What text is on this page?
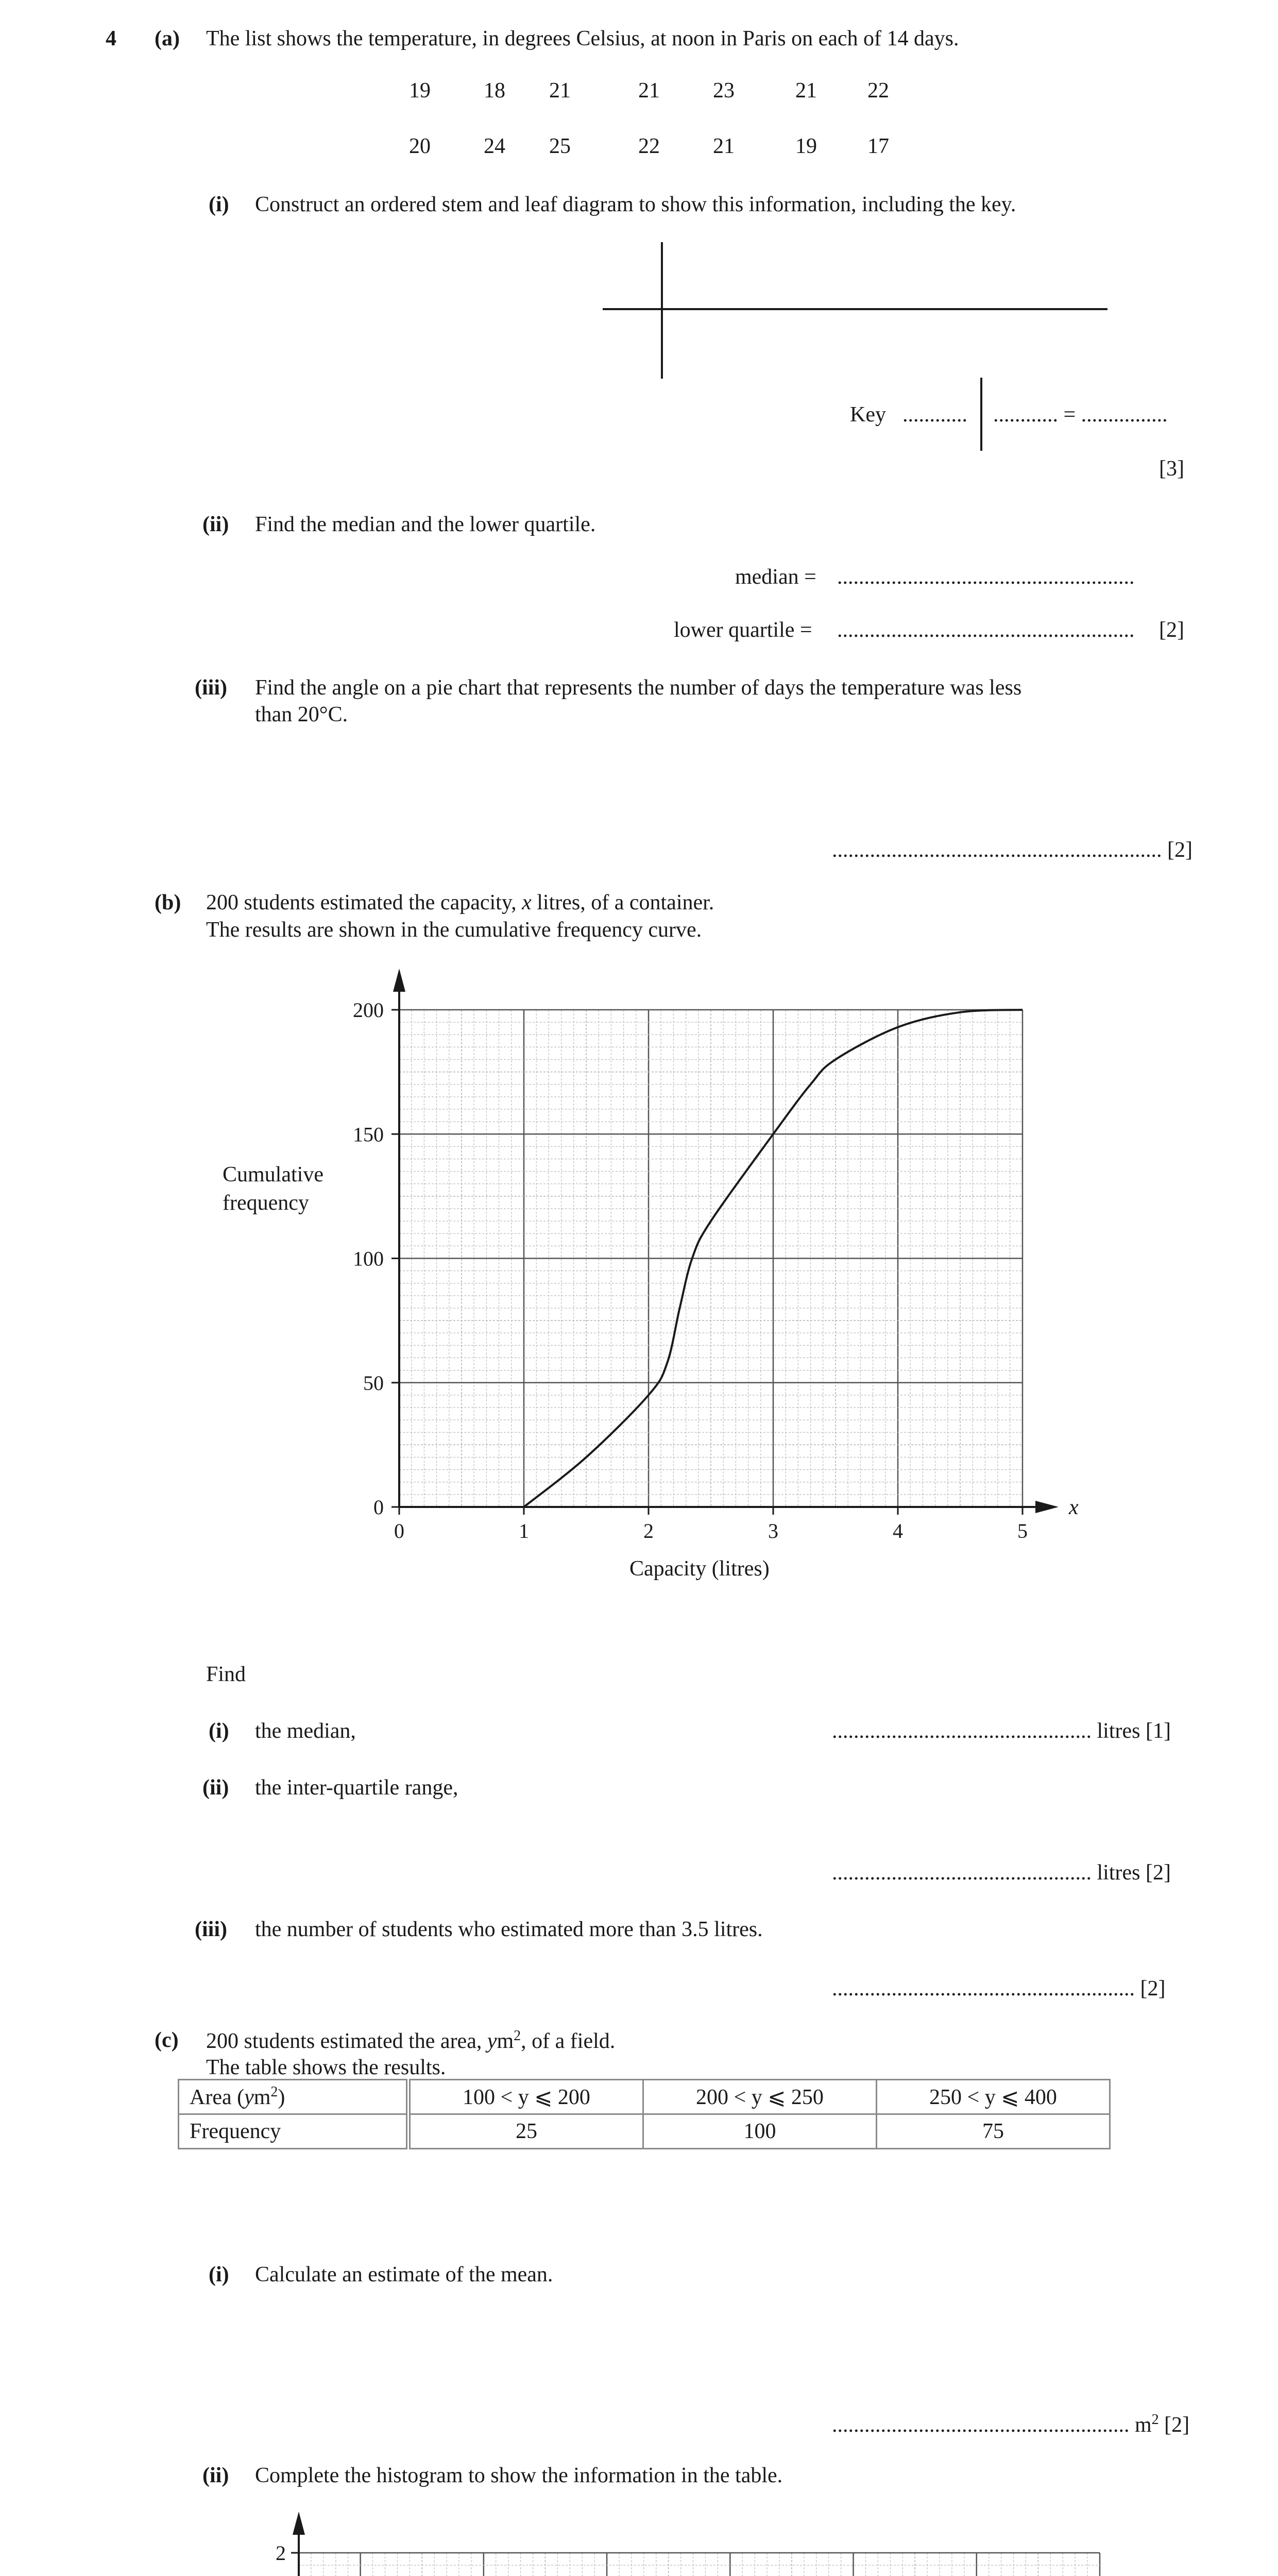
4 (a) The list shows the temperature, in degrees Celsius, at noon in Paris on each of 14 days.
19	18	21	21	23	21	22
20	24	25	22	21	19	17
(i) Construct an ordered stem and leaf diagram to show this information, including the key.
Key ............ ............ = ................
[3]
(ii) Find the median and the lower quartile.
median = .......................................................
lower quartile = ....................................................... [2]
(iii) Find the angle on a pie chart that represents the number of days the temperature was less
than 20°C.
............................................................. [2]
(b) 200 students estimated the capacity, x litres, of a container.
The results are shown in the cumulative frequency curve.
x
0	1	2	3	4	5
0
50
100
150
200
Cumulative
frequency
Capacity (litres)
Find
(i) the median,	................................................ litres [1]
(ii) the inter-quartile range,
................................................ litres [2]
(iii) the number of students who estimated more than 3.5 litres.
........................................................ [2]
(c) 200 students estimated the area, $ym^2$, of a field.
The table shows the results.
Area $(ym^2)$	100 < y ⩽ 200	200 < y ⩽ 250	250 < y ⩽ 400
Frequency	25	100	75
(i) Calculate an estimate of the mean.
....................................................... $m^2$ [2]
(ii) Complete the histogram to show the information in the table.
2
